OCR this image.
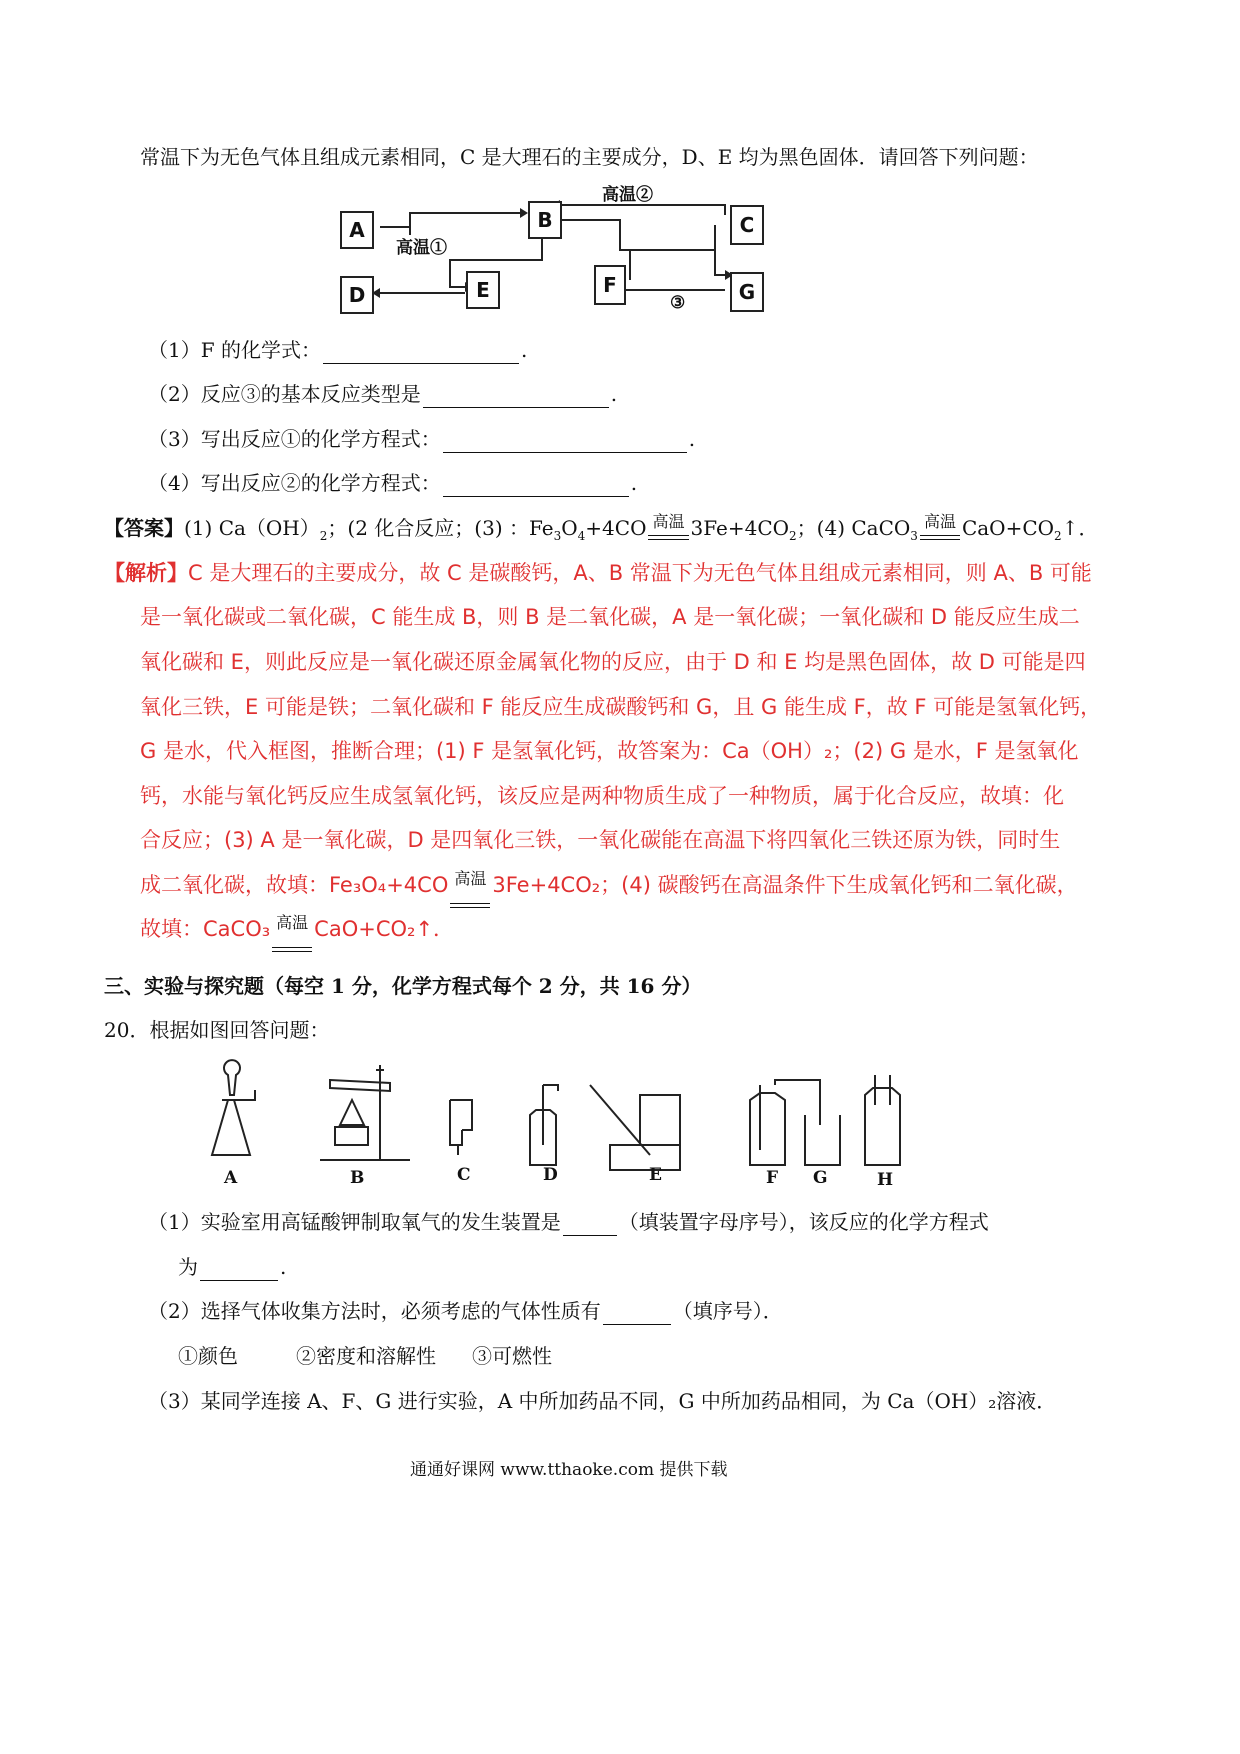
常温下为无色气体且组成元素相同，C 是大理石的主要成分，D、E 均为黑色固体．请回答下列问题：
A	B	C
D	E	F	G
高温①
高温②
③
（1）F 的化学式：	.
（2）反应③的基本反应类型是	.
（3）写出反应①的化学方程式：	.
（4）写出反应②的化学方程式：	.
【答案】(1) $Ca(OH)_2$；(2 化合反应；(3) ：$Fe_3O_4+4CO$ $^{高温}$ $3Fe+4CO_2$；(4) CaCO$_3^{高温}$ $CaO+CO_2↑$．
【解析】C 是大理石的主要成分，故 C 是碳酸钙，A、B 常温下为无色气体且组成元素相同，则 A、B 可能
是一氧化碳或二氧化碳，C 能生成 B，则 B 是二氧化碳，A 是一氧化碳；一氧化碳和 D 能反应生成二
氧化碳和 E，则此反应是一氧化碳还原金属氧化物的反应，由于 D 和 E 均是黑色固体，故 D 可能是四
氧化三铁，E 可能是铁；二氧化碳和 F 能反应生成碳酸钙和 G，且 G 能生成 F，故 F 可能是氢氧化钙，
G 是水，代入框图，推断合理；(1) F 是氢氧化钙，故答案为：Ca（OH）₂；(2) G 是水，F 是氢氧化
钙，水能与氧化钙反应生成氢氧化钙，该反应是两种物质生成了一种物质，属于化合反应，故填：化
合反应；(3) A 是一氧化碳，D 是四氧化三铁，一氧化碳能在高温下将四氧化三铁还原为铁，同时生
成二氧化碳，故填：Fe₃O₄+4CO $^{高温}$ 3Fe+4CO₂；(4) 碳酸钙在高温条件下生成氧化钙和二氧化碳，
故填：CaCO₃ $^{高温}$ CaO+CO₂↑．
三、实验与探究题（每空 1 分，化学方程式每个 2 分，共 16 分）
20．根据如图回答问题：
A	B	C	D	E	F G	H
（1）实验室用高锰酸钾制取氧气的发生装置是	（填装置字母序号），该反应的化学方程式
为	.
（2）选择气体收集方法时，必须考虑的气体性质有	（填序号）．
①颜色	②密度和溶解性 ③可燃性
（3）某同学连接 A、F、G 进行实验，A 中所加药品不同，G 中所加药品相同，为 Ca（OH）₂溶液．
通通好课网 www.tthaoke.com 提供下载
